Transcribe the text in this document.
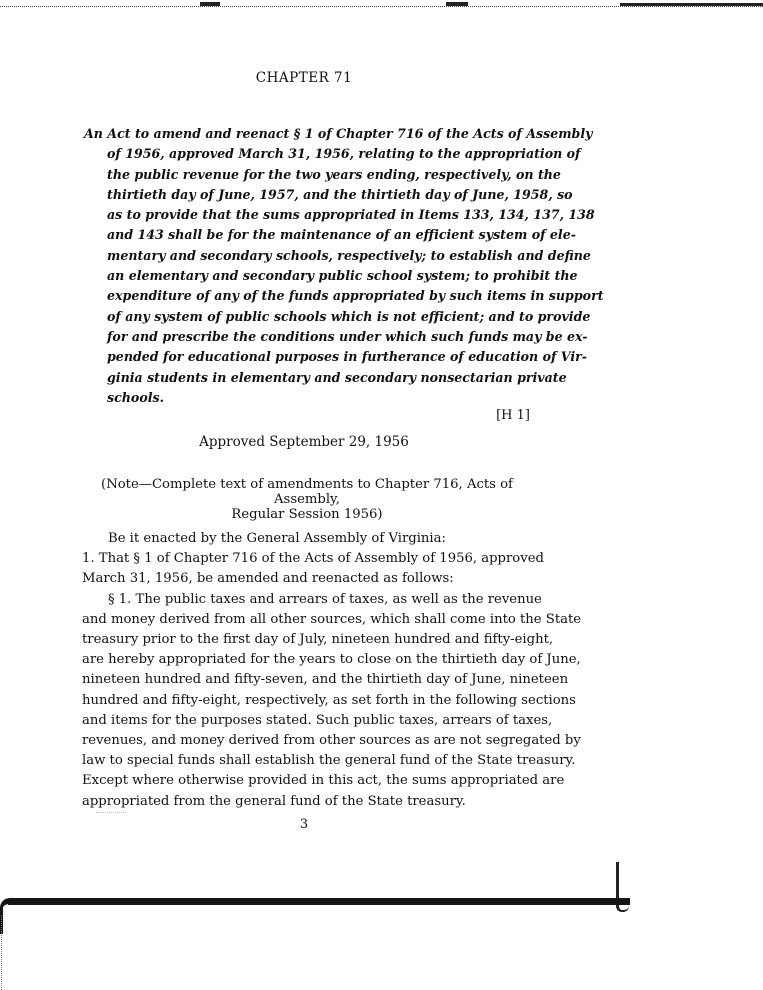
CHAPTER 71
An Act to amend and reenact § 1 of Chapter 716 of the Acts of Assembly
of 1956, approved March 31, 1956, relating to the appropriation of
the public revenue for the two years ending, respectively, on the
thirtieth day of June, 1957, and the thirtieth day of June, 1958, so
as to provide that the sums appropriated in Items 133, 134, 137, 138
and 143 shall be for the maintenance of an efficient system of ele-
mentary and secondary schools, respectively; to establish and define
an elementary and secondary public school system; to prohibit the
expenditure of any of the funds appropriated by such items in support
of any system of public schools which is not efficient; and to provide
for and prescribe the conditions under which such funds may be ex-
pended for educational purposes in furtherance of education of Vir-
ginia students in elementary and secondary nonsectarian private
schools.
[H 1]
Approved September 29, 1956
(Note—Complete text of amendments to Chapter 716, Acts of Assembly,
Regular Session 1956)
Be it enacted by the General Assembly of Virginia:
1. That § 1 of Chapter 716 of the Acts of Assembly of 1956, approved
March 31, 1956, be amended and reenacted as follows:
§ 1. The public taxes and arrears of taxes, as well as the revenue
and money derived from all other sources, which shall come into the State
treasury prior to the first day of July, nineteen hundred and fifty-eight,
are hereby appropriated for the years to close on the thirtieth day of June,
nineteen hundred and fifty-seven, and the thirtieth day of June, nineteen
hundred and fifty-eight, respectively, as set forth in the following sections
and items for the purposes stated. Such public taxes, arrears of taxes,
revenues, and money derived from other sources as are not segregated by
law to special funds shall establish the general fund of the State treasury.
Except where otherwise provided in this act, the sums appropriated are
appropriated from the general fund of the State treasury.
3
